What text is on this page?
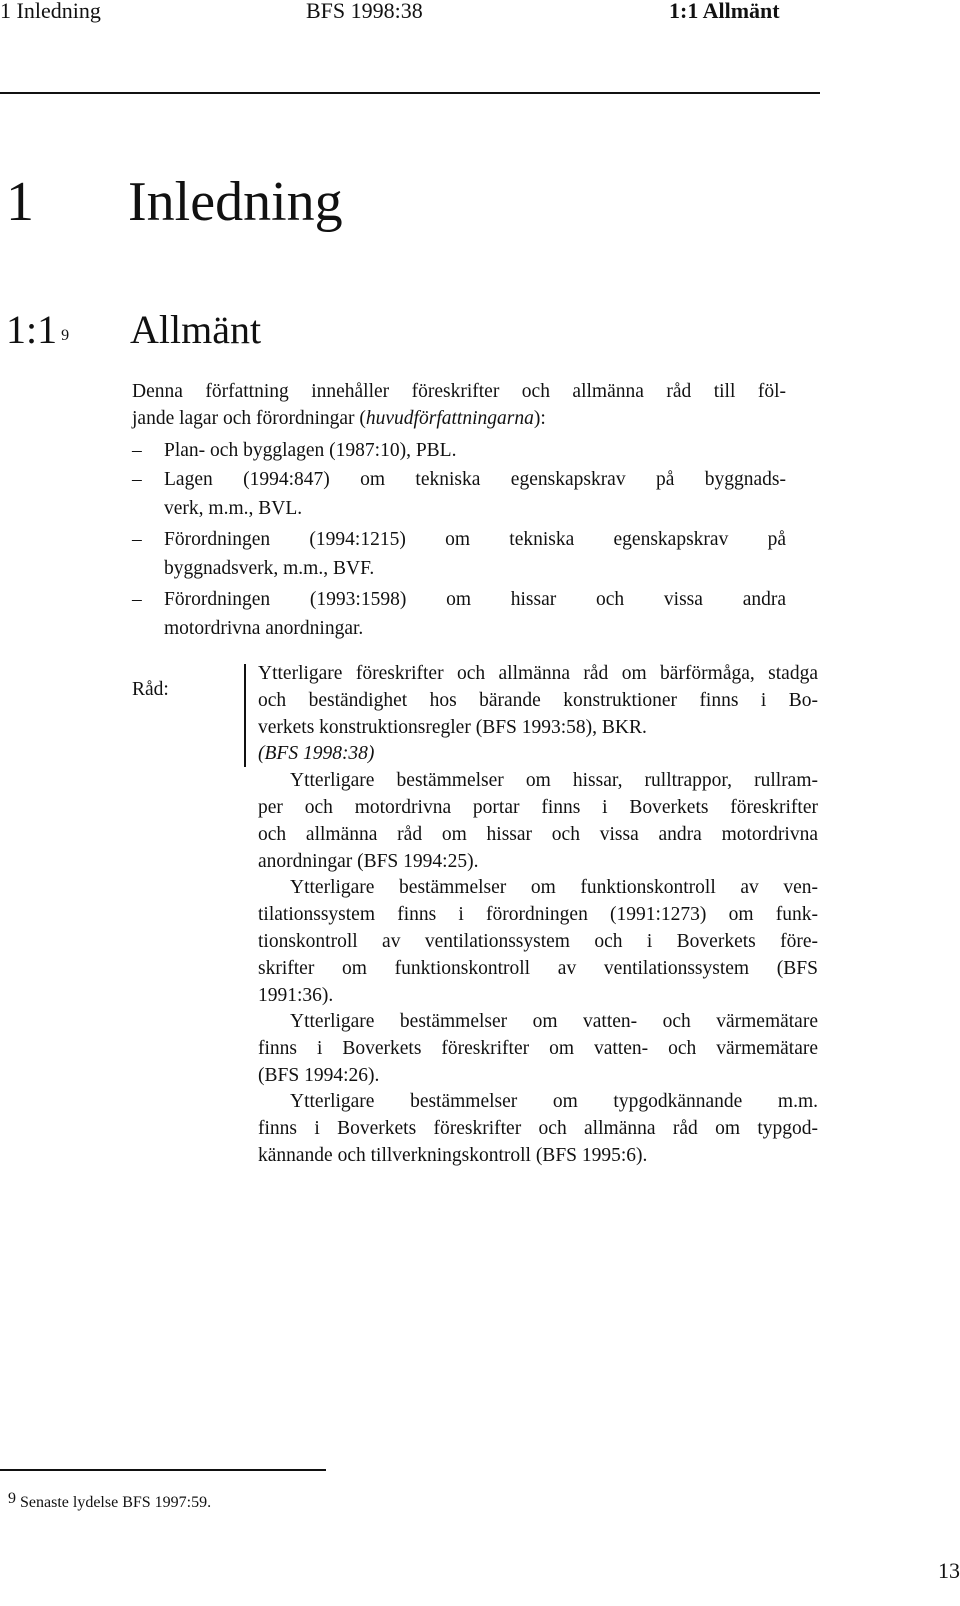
1 Inledning	BFS 1998:38	1:1 Allmänt
1 Inledning
1:1 $^9$ Allmänt
Denna författning innehåller föreskrifter och allmänna råd till föl-
jande lagar och förordningar (huvudförfattningarna):
– Plan- och bygglagen (1987:10), PBL.
– Lagen (1994:847) om tekniska egenskapskrav på byggnads-
verk, m.m., BVL.
– Förordningen (1994:1215) om tekniska egenskapskrav på
byggnadsverk, m.m., BVF.
– Förordningen (1993:1598) om hissar och vissa andra
motordrivna anordningar.
Råd:
Ytterligare föreskrifter och allmänna råd om bärförmåga, stadga
och beständighet hos bärande konstruktioner finns i Bo-
verkets konstruktionsregler (BFS 1993:58), BKR.
(BFS 1998:38)
Ytterligare bestämmelser om hissar, rulltrappor, rullram-
per och motordrivna portar finns i Boverkets föreskrifter
och allmänna råd om hissar och vissa andra motordrivna
anordningar (BFS 1994:25).
Ytterligare bestämmelser om funktionskontroll av ven-
tilationssystem finns i förordningen (1991:1273) om funk-
tionskontroll av ventilationssystem och i Boverkets före-
skrifter om funktionskontroll av ventilationssystem (BFS
1991:36).
Ytterligare bestämmelser om vatten- och värmemätare
finns i Boverkets föreskrifter om vatten- och värmemätare
(BFS 1994:26).
Ytterligare bestämmelser om typgodkännande m.m.
finns i Boverkets föreskrifter och allmänna råd om typgod-
kännande och tillverkningskontroll (BFS 1995:6).
$^9$ Senaste lydelse BFS 1997:59.
13
